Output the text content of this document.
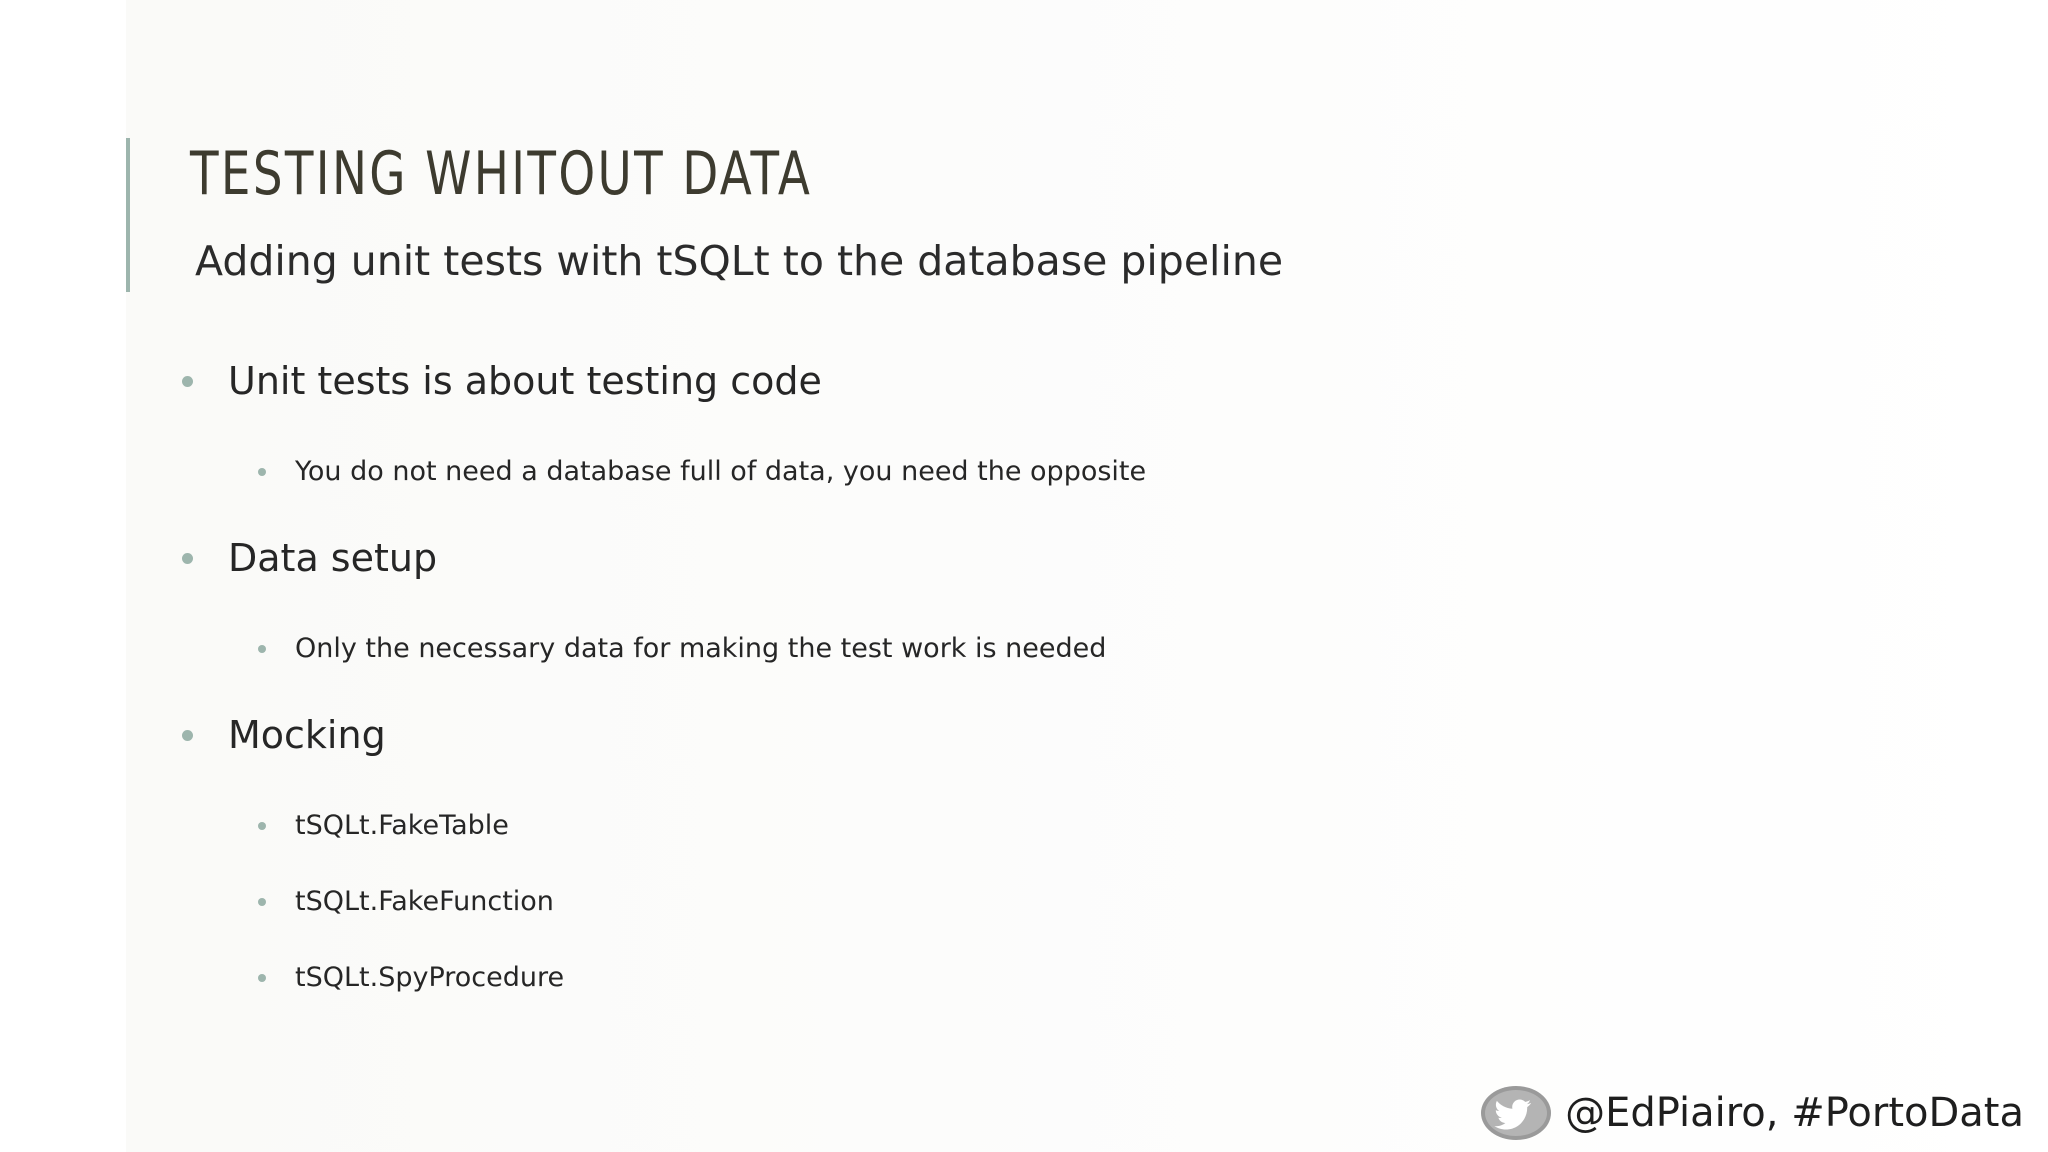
TESTING WHITOUT DATA
Adding unit tests with tSQLt to the database pipeline
Unit tests is about testing code
You do not need a database full of data, you need the opposite
Data setup
Only the necessary data for making the test work is needed
Mocking
tSQLt.FakeTable
tSQLt.FakeFunction
tSQLt.SpyProcedure
@EdPiairo, #PortoData
